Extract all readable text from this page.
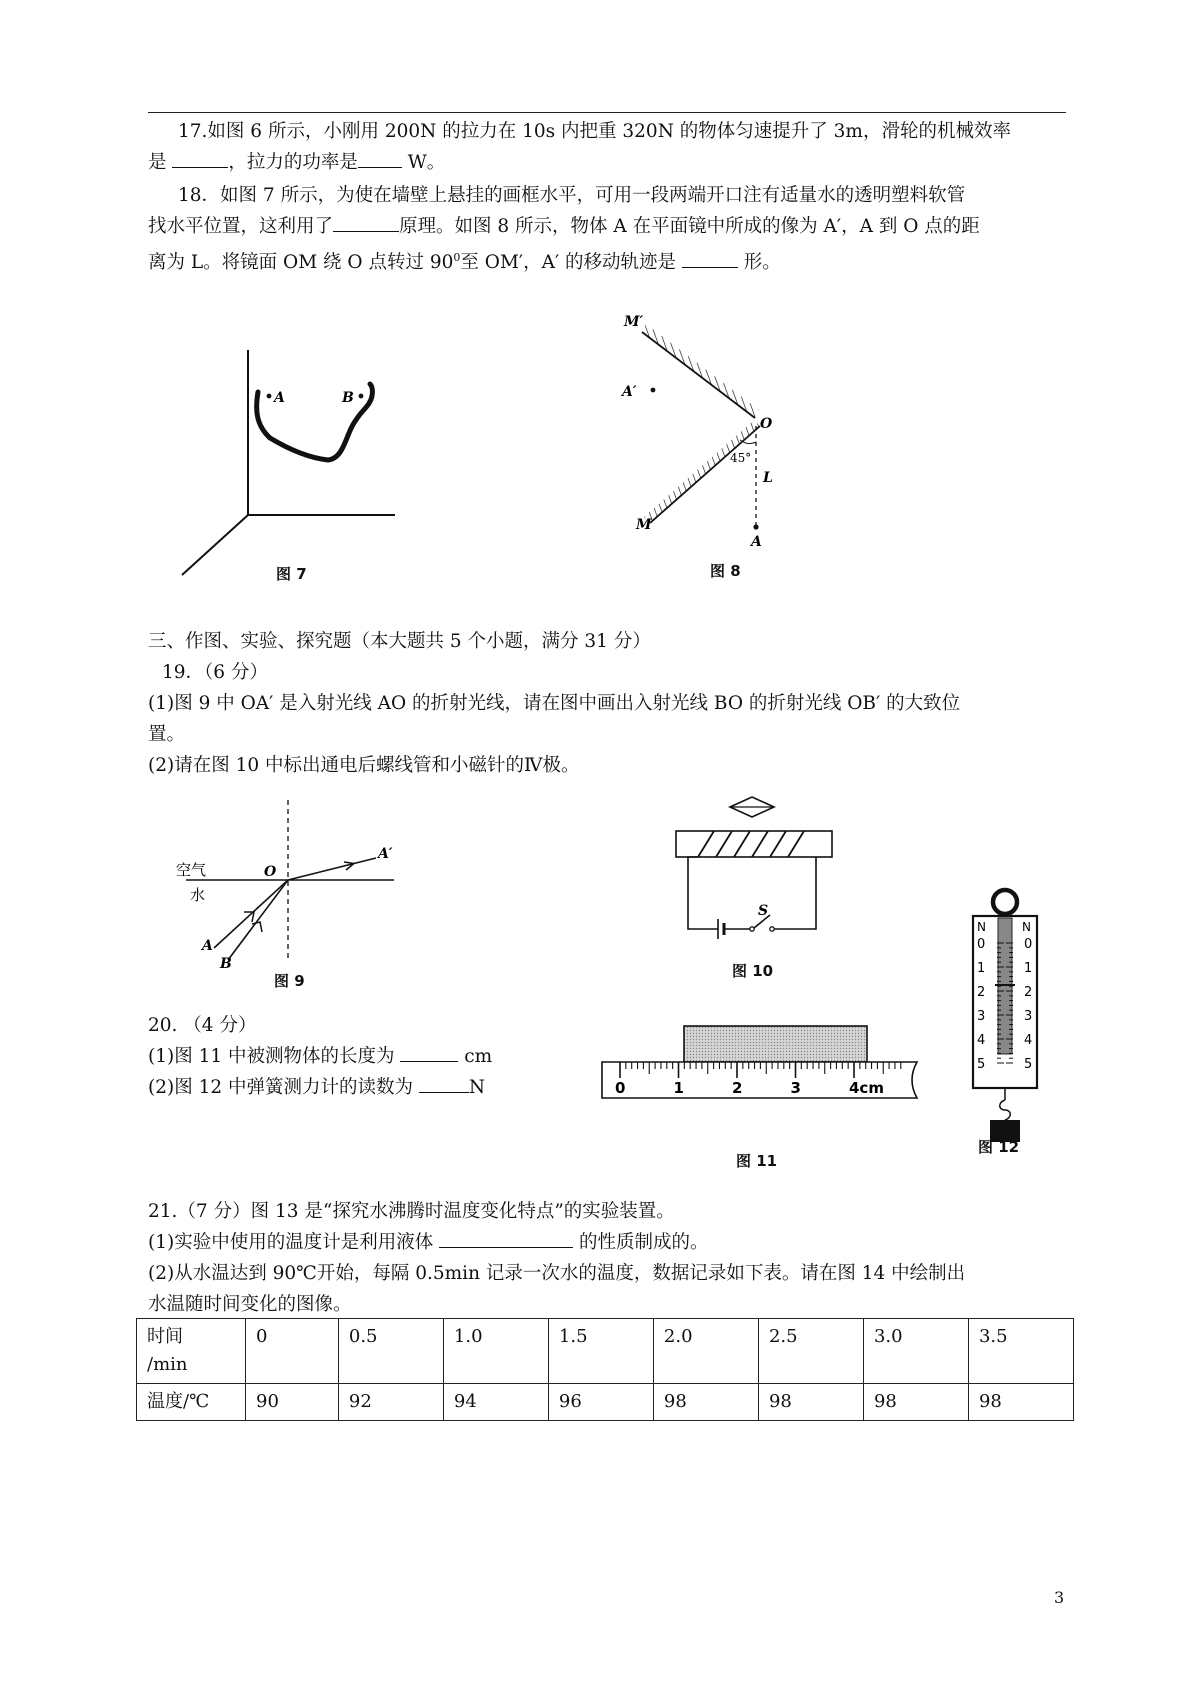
17.如图 6 所示，小刚用 200N 的拉力在 10s 内把重 320N 的物体匀速提升了 3m，滑轮的机械效率
是	，拉力的功率是 W。

18．如图 7 所示，为使在墙壁上悬挂的画框水平，可用一段两端开口注有适量水的透明塑料软管
找水平位置，这利用了	原理。如图 8 所示，物体 A 在平面镜中所成的像为 A′，A 到 O 点的距
离为 L。将镜面 OM 绕 O 点转过 $90^0$至 OM′，A′ 的移动轨迹是	形。

A	B
图 7
M′
A′
O
45°
L
M
A
图 8

三、作图、实验、探究题（本大题共 5 个小题，满分 31 分）

19．（6 分）
(1)图 9 中 OA′ 是入射光线 AO 的折射光线，请在图中画出入射光线 BO 的折射光线 OB′ 的大致位
置。
(2)请在图 10 中标出通电后螺线管和小磁针的Ⅳ极。

空气
水
O
A′
A
B
图 9
S
图 10
0	0
1	1
2	2
3	3
4	4
5	5
N	N
图 12

20. （4 分）
(1)图 11 中被测物体的长度为	cm
(2)图 12 中弹簧测力计的读数为	N	0	1	2	3	4cm
图 11

21.（7 分）图 13 是“探究水沸腾时温度变化特点”的实验装置。
(1)实验中使用的温度计是利用液体	的性质制成的。
(2)从水温达到 90℃开始，每隔 0.5min 记录一次水的温度，数据记录如下表。请在图 14 中绘制出
水温随时间变化的图像。

时间
/min	0	0.5	1.0	1.5	2.0	2.5	3.0	3.5
温度/℃	90	92	94	96	98	98	98	98
3
